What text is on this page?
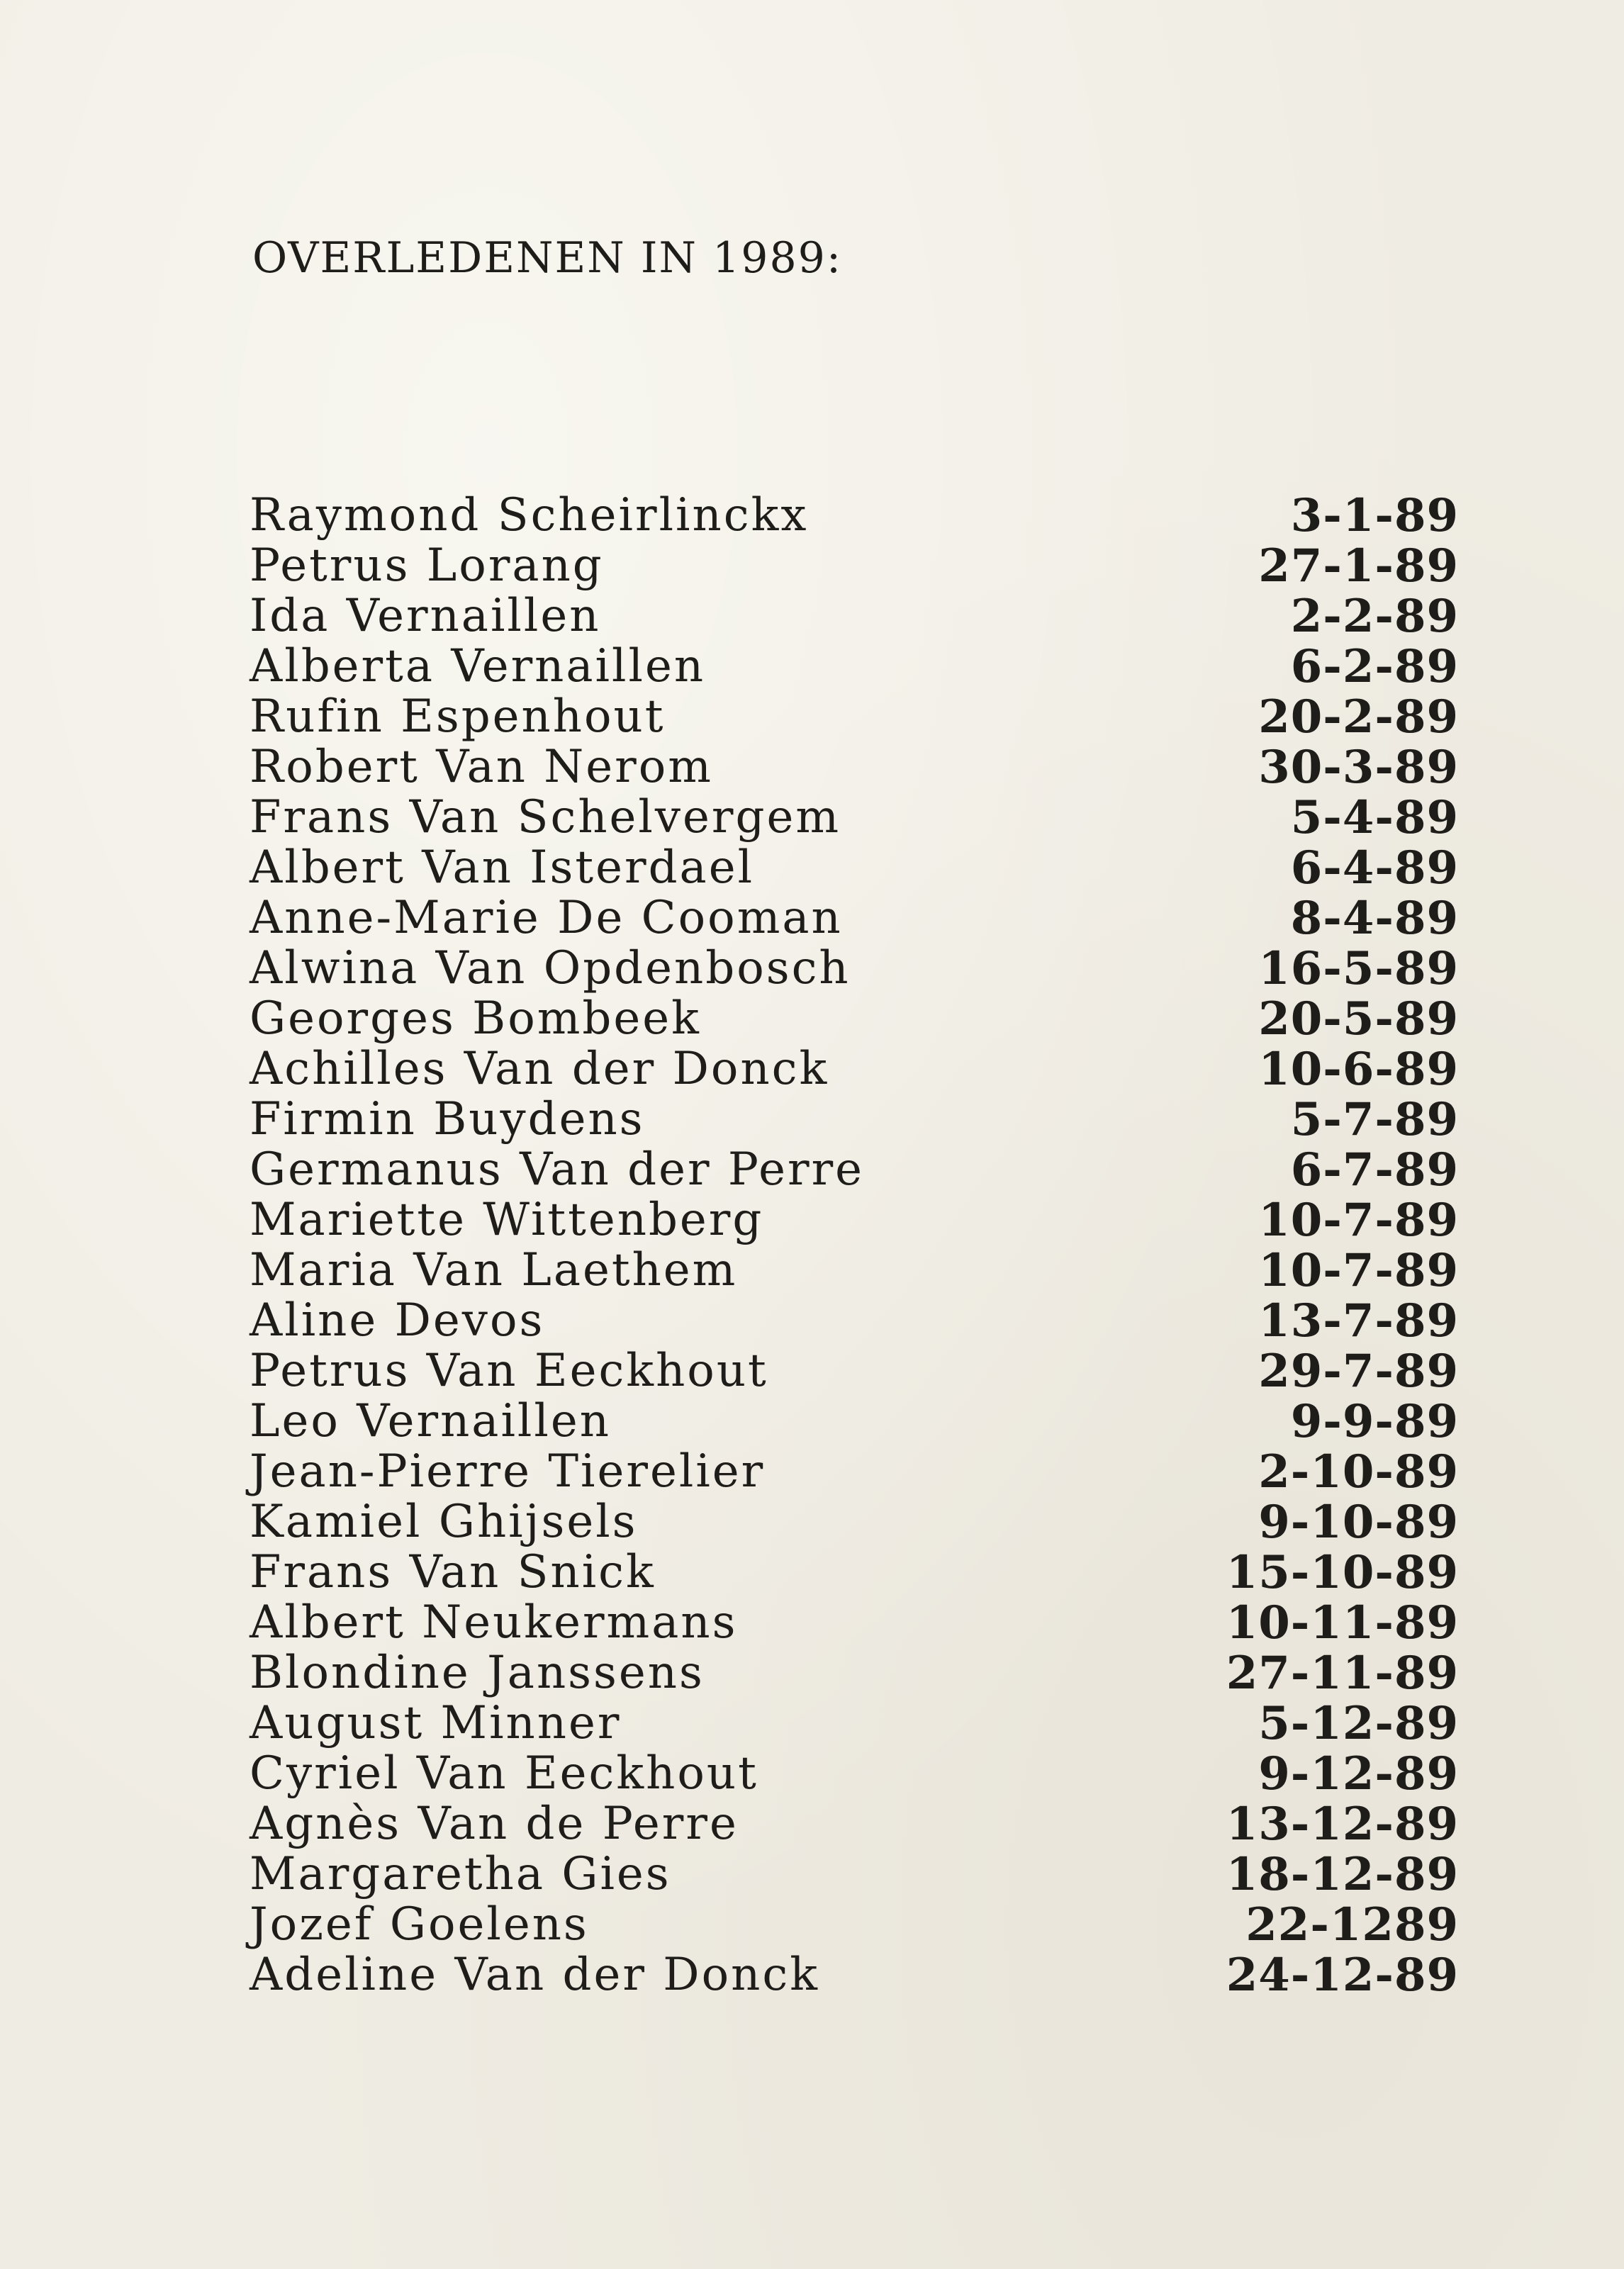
OVERLEDENEN IN 1989:
Raymond Scheirlinckx	3-1-89
Petrus Lorang	27-1-89
Ida Vernaillen	2-2-89
Alberta Vernaillen	6-2-89
Rufin Espenhout	20-2-89
Robert Van Nerom	30-3-89
Frans Van Schelvergem	5-4-89
Albert Van Isterdael	6-4-89
Anne-Marie De Cooman	8-4-89
Alwina Van Opdenbosch	16-5-89
Georges Bombeek	20-5-89
Achilles Van der Donck	10-6-89
Firmin Buydens	5-7-89
Germanus Van der Perre	6-7-89
Mariette Wittenberg	10-7-89
Maria Van Laethem	10-7-89
Aline Devos	13-7-89
Petrus Van Eeckhout	29-7-89
Leo Vernaillen	9-9-89
Jean-Pierre Tierelier	2-10-89
Kamiel Ghijsels	9-10-89
Frans Van Snick	15-10-89
Albert Neukermans	10-11-89
Blondine Janssens	27-11-89
August Minner	5-12-89
Cyriel Van Eeckhout	9-12-89
Agnès Van de Perre	13-12-89
Margaretha Gies	18-12-89
Jozef Goelens	22-1289
Adeline Van der Donck	24-12-89
